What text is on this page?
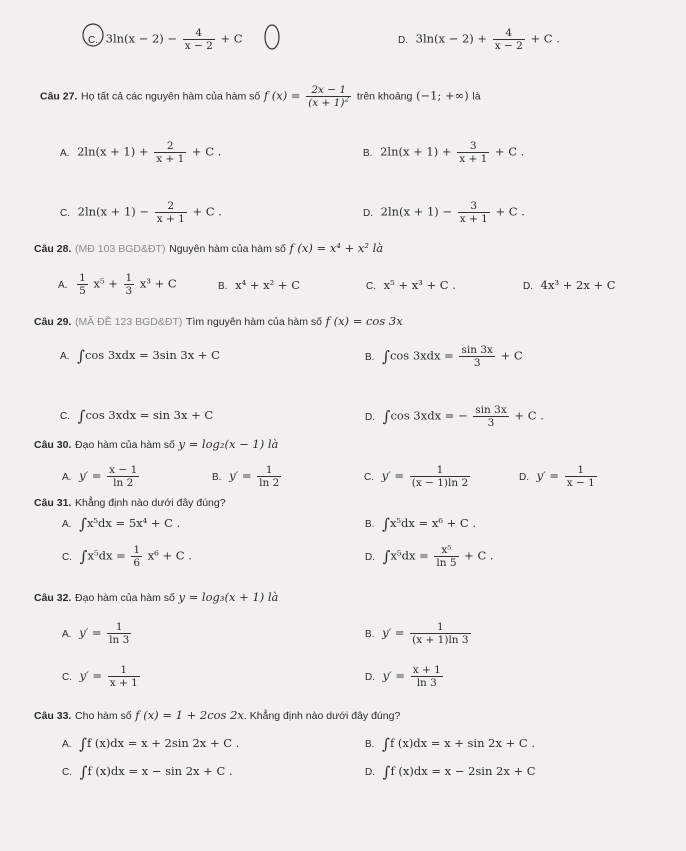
C. $3\ln(x - 2) - \frac{4}{x - 2} + C$	D. $3\ln(x - 2) + \frac{4}{x - 2} + C$ .
Câu 27. Họ tất cả các nguyên hàm của hàm số f $(x) = \frac{2x - 1}{(x + 1)^2}$ trên khoảng (−1; +∞) là
A. $2\ln(x + 1) + \frac{2}{x + 1} + C$ .	B. $2\ln(x + 1) + \frac{3}{x + 1} + C$ .
C. $2\ln(x + 1) - \frac{2}{x + 1} + C$ .	D. $2\ln(x + 1) - \frac{3}{x + 1} + C$ .
Câu 28. (MĐ 103 BGD&ĐT) Nguyên hàm của hàm số f (x) = x⁴ + x² là
A. $\frac{1}{5} x^5 + \frac{1}{3} x^3 + C$	B. x⁴ + x² + C	C. x⁵ + x³ + C .	D. 4x³ + 2x + C
Câu 29. (MÃ ĐỀ 123 BGD&ĐT) Tìm nguyên hàm của hàm số f (x) = cos 3x
A. ∫cos 3xdx = 3sin 3x + C	B. ∫cos $3xdx = \frac{\sin 3x}{3} + C$
C. ∫cos 3xdx = sin 3x + C	D. ∫cos 3xdx = − $\frac{\sin 3x}{3} + C$ .
Câu 30. Đạo hàm của hàm số y = log₂(x − 1) là
A. $y' = \frac{x - 1}{\ln 2}$	B. $y' = \frac{1}{\ln 2}$	C. $y' = \frac{1}{(x - 1)\ln 2}$	D. $y' = \frac{1}{x - 1}$
Câu 31. Khẳng định nào dưới đây đúng?
A. ∫x⁵dx = 5x⁴ + C .	B. ∫x⁵dx = x⁶ + C .
C. $\int x^5dx = \frac{1}{6} x^6 + C$ .	D. $\int x^5dx = \frac{\text{x⁵}}{\ln 5} + C$ .
Câu 32. Đạo hàm của hàm số y = log₃(x + 1) là
A. $y' = \frac{1}{\ln 3}$	B. $y' = \frac{1}{(x + 1)\ln 3}$
C. $y' = \frac{1}{x + 1}$	D. $y' = \frac{x + 1}{\ln 3}$
Câu 33. Cho hàm số f (x) = 1 + 2cos 2x. Khẳng định nào dưới đây đúng?
A. ∫f (x)dx = x + 2sin 2x + C .	B. ∫f (x)dx = x + sin 2x + C .
C. ∫f (x)dx = x − sin 2x + C .	D. ∫f (x)dx = x − 2sin 2x + C
